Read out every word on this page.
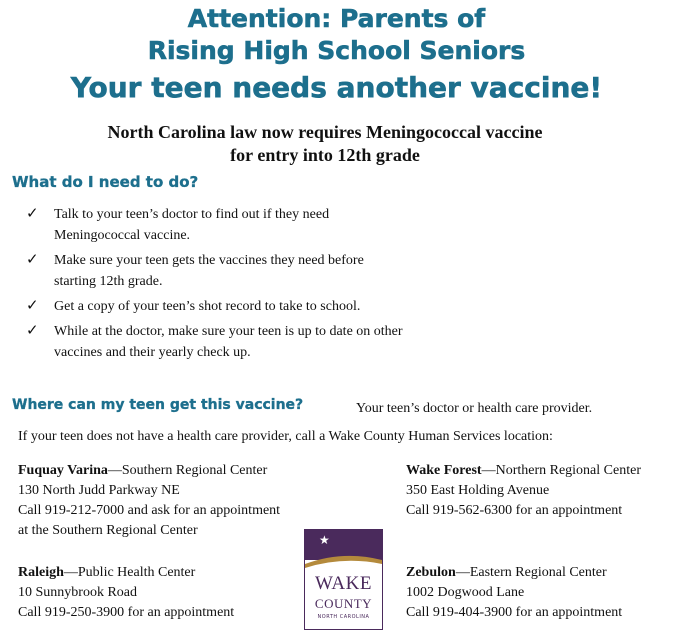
Attention: Parents of
Rising High School Seniors
Your teen needs another vaccine!
North Carolina law now requires Meningococcal vaccine
for entry into 12th grade
What do I need to do?
✓ Talk to your teen’s doctor to find out if they need Meningococcal vaccine.
✓ Make sure your teen gets the vaccines they need before starting 12th grade.
✓ Get a copy of your teen’s shot record to take to school.
✓ While at the doctor, make sure your teen is up to date on other vaccines and their yearly check up.
Where can my teen get this vaccine?	Your teen’s doctor or health care provider.
If your teen does not have a health care provider, call a Wake County Human Services location:
Fuquay Varina—Southern Regional Center
130 North Judd Parkway NE
Call 919-212-7000 and ask for an appointment
at the Southern Regional Center
Wake Forest—Northern Regional Center
350 East Holding Avenue
Call 919-562-6300 for an appointment
Raleigh—Public Health Center
10 Sunnybrook Road
Call 919-250-3900 for an appointment
Zebulon—Eastern Regional Center
1002 Dogwood Lane
Call 919-404-3900 for an appointment
★
WAKE
COUNTY
NORTH CAROLINA
